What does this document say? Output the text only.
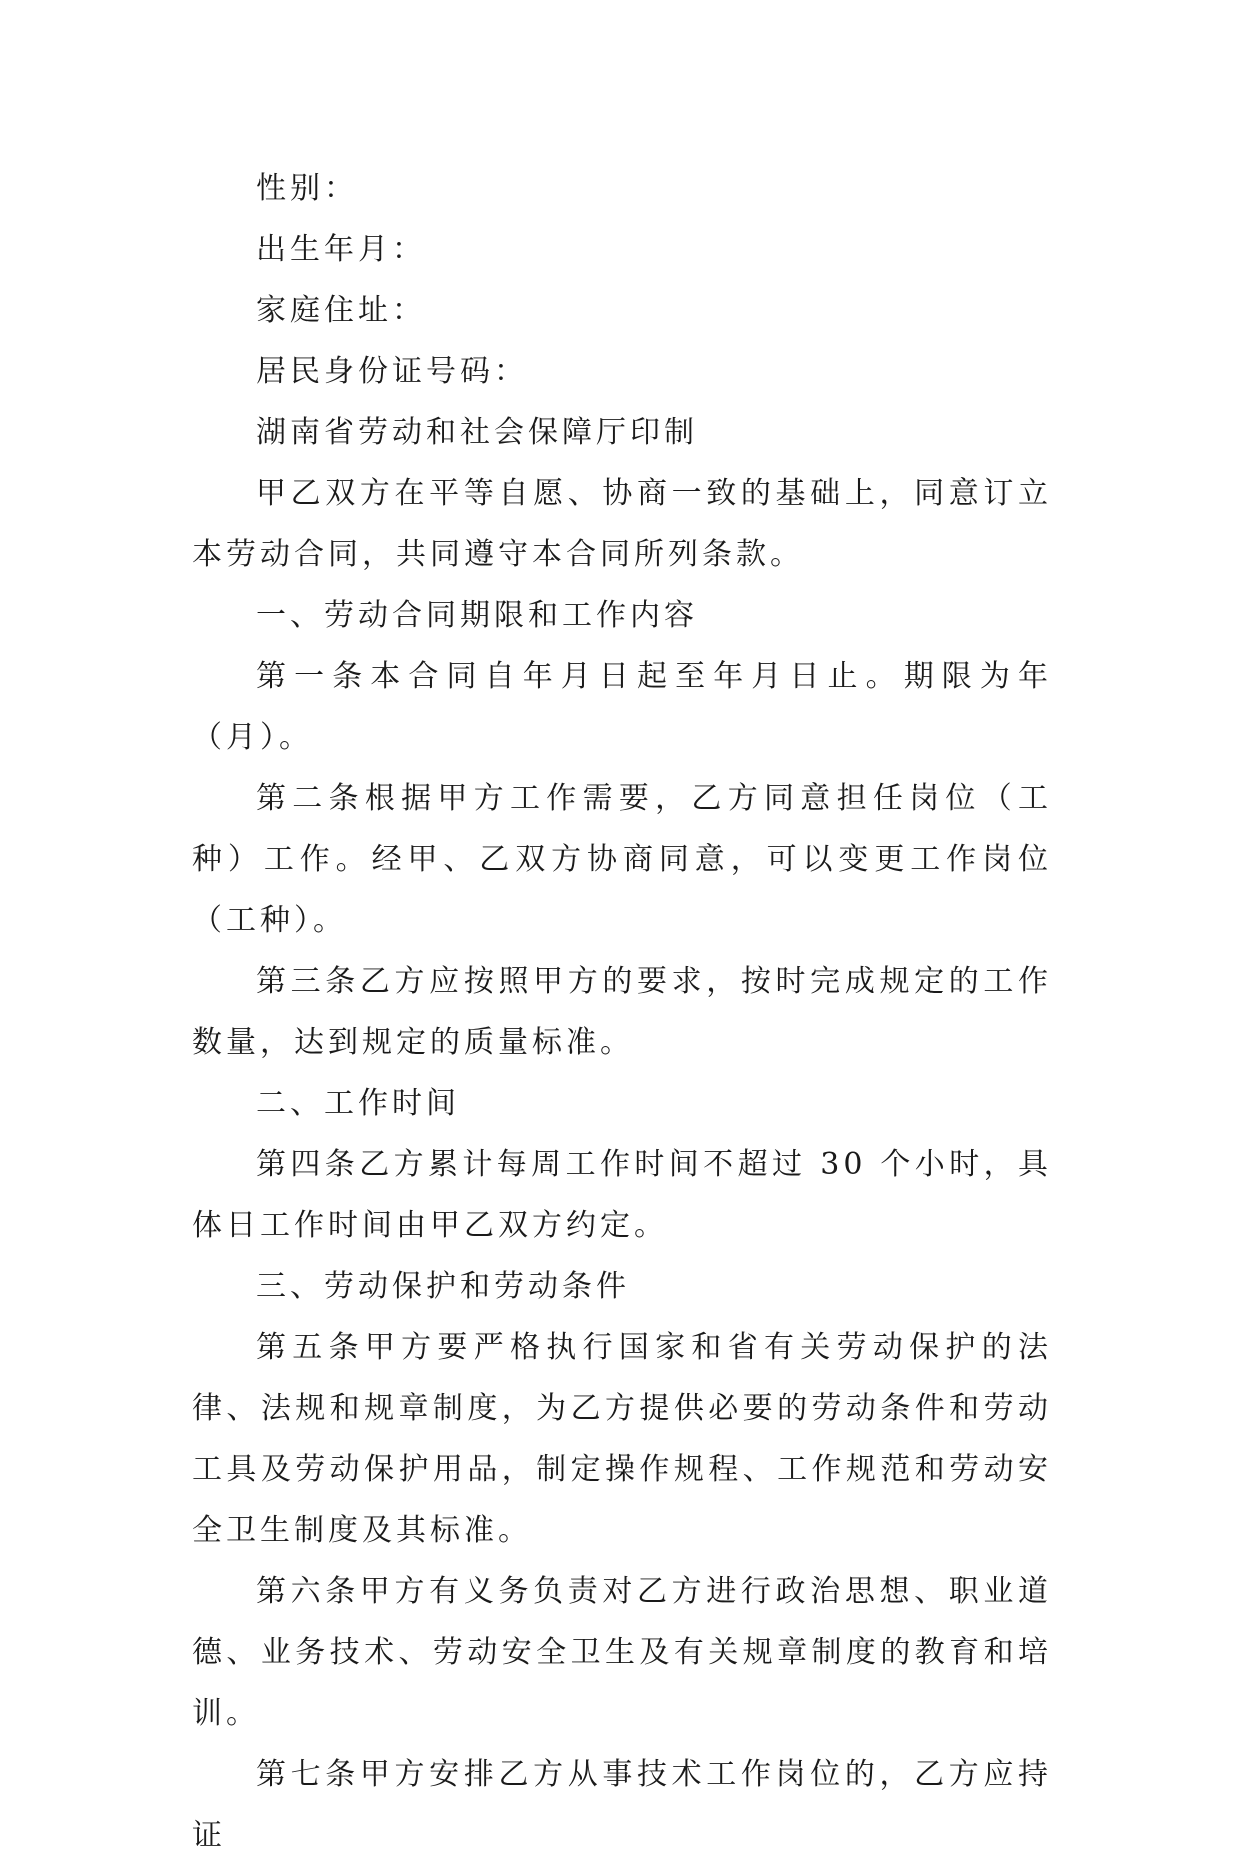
性别：

出生年月：

家庭住址：

居民身份证号码：

湖南省劳动和社会保障厅印制

甲乙双方在平等自愿、协商一致的基础上，同意订立本劳动合同，共同遵守本合同所列条款。

一、劳动合同期限和工作内容

第一条本合同自年月日起至年月日止。期限为年（月）。

第二条根据甲方工作需要，乙方同意担任岗位（工种）工作。经甲、乙双方协商同意，可以变更工作岗位（工种）。

第三条乙方应按照甲方的要求，按时完成规定的工作数量，达到规定的质量标准。

二、工作时间

第四条乙方累计每周工作时间不超过 30 个小时，具体日工作时间由甲乙双方约定。

三、劳动保护和劳动条件

第五条甲方要严格执行国家和省有关劳动保护的法律、法规和规章制度，为乙方提供必要的劳动条件和劳动工具及劳动保护用品，制定操作规程、工作规范和劳动安全卫生制度及其标准。

第六条甲方有义务负责对乙方进行政治思想、职业道德、业务技术、劳动安全卫生及有关规章制度的教育和培训。

第七条甲方安排乙方从事技术工作岗位的，乙方应持证
